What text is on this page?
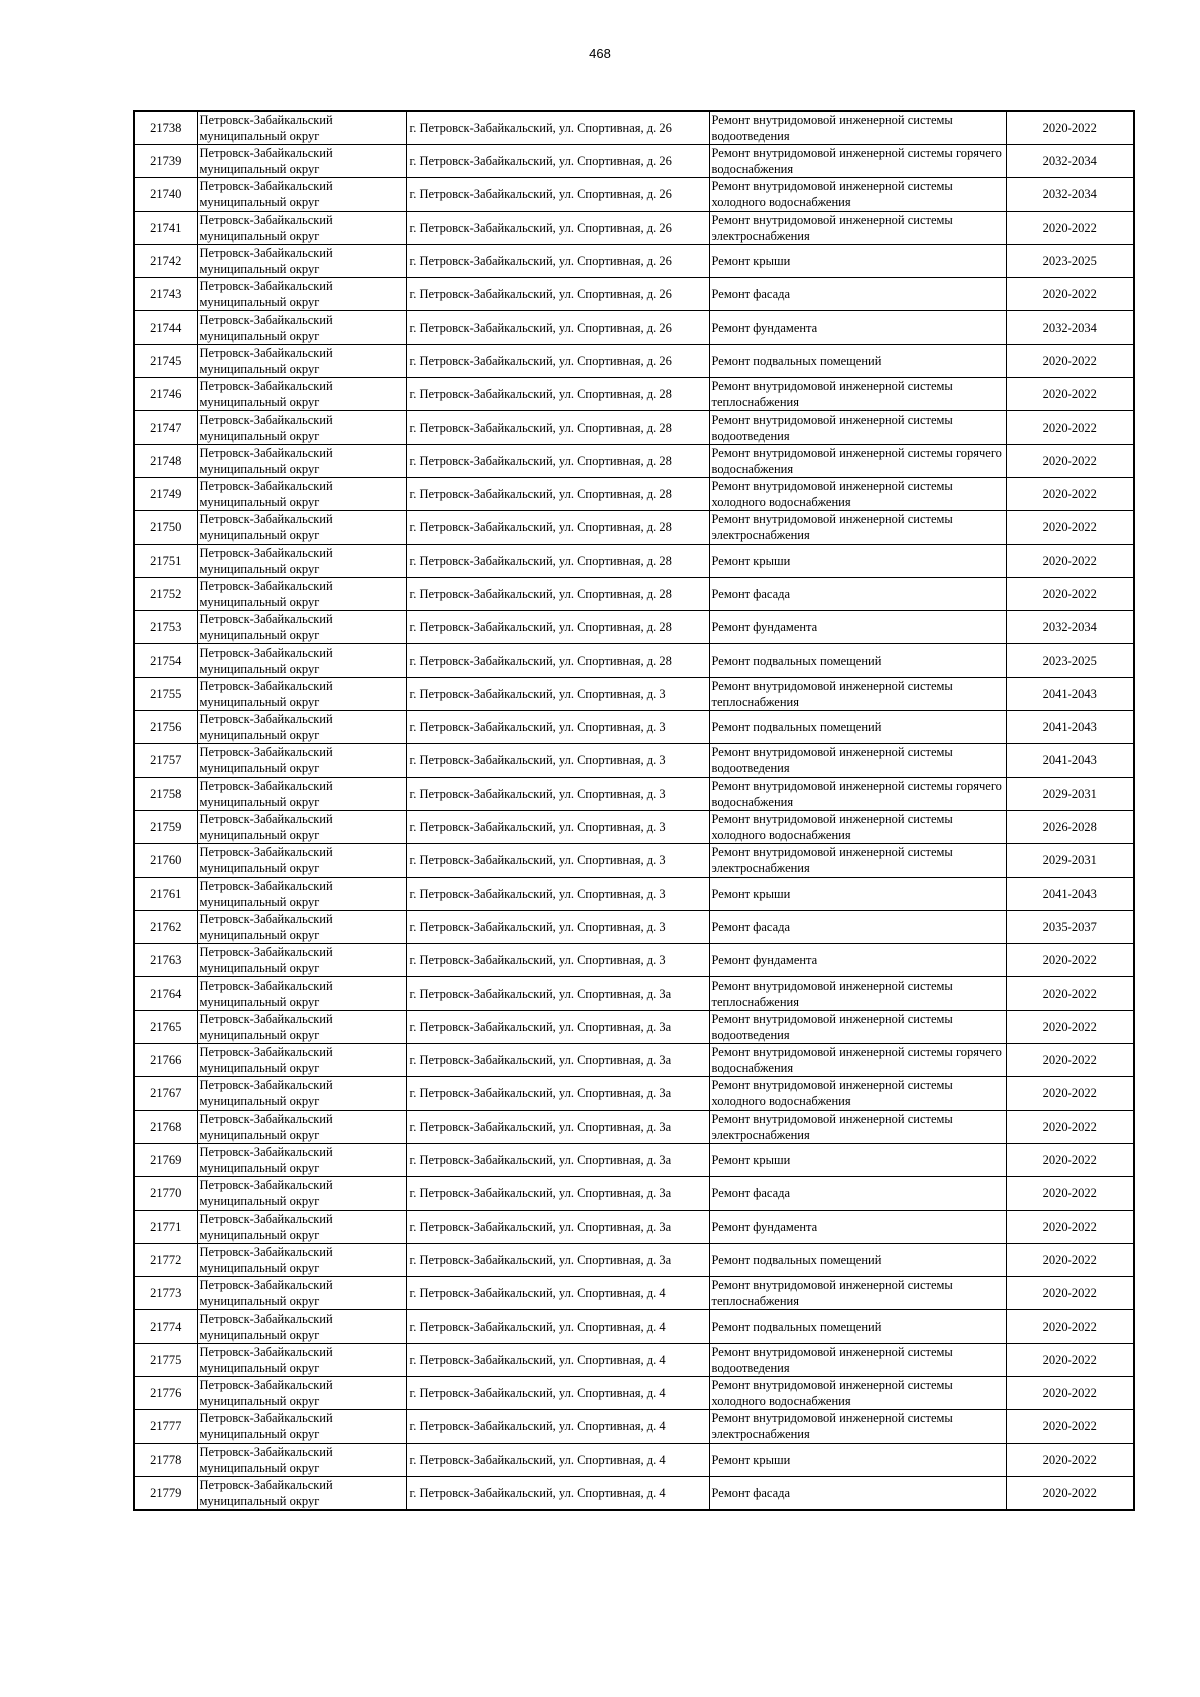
468
21738	Петровск-Забайкальский муниципальный округ	г. Петровск-Забайкальский, ул. Спортивная, д. 26	Ремонт внутридомовой инженерной системы водоотведения	2020-2022
21739	Петровск-Забайкальский муниципальный округ	г. Петровск-Забайкальский, ул. Спортивная, д. 26	Ремонт внутридомовой инженерной системы горячего водоснабжения	2032-2034
21740	Петровск-Забайкальский муниципальный округ	г. Петровск-Забайкальский, ул. Спортивная, д. 26	Ремонт внутридомовой инженерной системы холодного водоснабжения	2032-2034
21741	Петровск-Забайкальский муниципальный округ	г. Петровск-Забайкальский, ул. Спортивная, д. 26	Ремонт внутридомовой инженерной системы электроснабжения	2020-2022
21742	Петровск-Забайкальский муниципальный округ	г. Петровск-Забайкальский, ул. Спортивная, д. 26	Ремонт крыши	2023-2025
21743	Петровск-Забайкальский муниципальный округ	г. Петровск-Забайкальский, ул. Спортивная, д. 26	Ремонт фасада	2020-2022
21744	Петровск-Забайкальский муниципальный округ	г. Петровск-Забайкальский, ул. Спортивная, д. 26	Ремонт фундамента	2032-2034
21745	Петровск-Забайкальский муниципальный округ	г. Петровск-Забайкальский, ул. Спортивная, д. 26	Ремонт подвальных помещений	2020-2022
21746	Петровск-Забайкальский муниципальный округ	г. Петровск-Забайкальский, ул. Спортивная, д. 28	Ремонт внутридомовой инженерной системы теплоснабжения	2020-2022
21747	Петровск-Забайкальский муниципальный округ	г. Петровск-Забайкальский, ул. Спортивная, д. 28	Ремонт внутридомовой инженерной системы водоотведения	2020-2022
21748	Петровск-Забайкальский муниципальный округ	г. Петровск-Забайкальский, ул. Спортивная, д. 28	Ремонт внутридомовой инженерной системы горячего водоснабжения	2020-2022
21749	Петровск-Забайкальский муниципальный округ	г. Петровск-Забайкальский, ул. Спортивная, д. 28	Ремонт внутридомовой инженерной системы холодного водоснабжения	2020-2022
21750	Петровск-Забайкальский муниципальный округ	г. Петровск-Забайкальский, ул. Спортивная, д. 28	Ремонт внутридомовой инженерной системы электроснабжения	2020-2022
21751	Петровск-Забайкальский муниципальный округ	г. Петровск-Забайкальский, ул. Спортивная, д. 28	Ремонт крыши	2020-2022
21752	Петровск-Забайкальский муниципальный округ	г. Петровск-Забайкальский, ул. Спортивная, д. 28	Ремонт фасада	2020-2022
21753	Петровск-Забайкальский муниципальный округ	г. Петровск-Забайкальский, ул. Спортивная, д. 28	Ремонт фундамента	2032-2034
21754	Петровск-Забайкальский муниципальный округ	г. Петровск-Забайкальский, ул. Спортивная, д. 28	Ремонт подвальных помещений	2023-2025
21755	Петровск-Забайкальский муниципальный округ	г. Петровск-Забайкальский, ул. Спортивная, д. 3	Ремонт внутридомовой инженерной системы теплоснабжения	2041-2043
21756	Петровск-Забайкальский муниципальный округ	г. Петровск-Забайкальский, ул. Спортивная, д. 3	Ремонт подвальных помещений	2041-2043
21757	Петровск-Забайкальский муниципальный округ	г. Петровск-Забайкальский, ул. Спортивная, д. 3	Ремонт внутридомовой инженерной системы водоотведения	2041-2043
21758	Петровск-Забайкальский муниципальный округ	г. Петровск-Забайкальский, ул. Спортивная, д. 3	Ремонт внутридомовой инженерной системы горячего водоснабжения	2029-2031
21759	Петровск-Забайкальский муниципальный округ	г. Петровск-Забайкальский, ул. Спортивная, д. 3	Ремонт внутридомовой инженерной системы холодного водоснабжения	2026-2028
21760	Петровск-Забайкальский муниципальный округ	г. Петровск-Забайкальский, ул. Спортивная, д. 3	Ремонт внутридомовой инженерной системы электроснабжения	2029-2031
21761	Петровск-Забайкальский муниципальный округ	г. Петровск-Забайкальский, ул. Спортивная, д. 3	Ремонт крыши	2041-2043
21762	Петровск-Забайкальский муниципальный округ	г. Петровск-Забайкальский, ул. Спортивная, д. 3	Ремонт фасада	2035-2037
21763	Петровск-Забайкальский муниципальный округ	г. Петровск-Забайкальский, ул. Спортивная, д. 3	Ремонт фундамента	2020-2022
21764	Петровск-Забайкальский муниципальный округ	г. Петровск-Забайкальский, ул. Спортивная, д. 3а	Ремонт внутридомовой инженерной системы теплоснабжения	2020-2022
21765	Петровск-Забайкальский муниципальный округ	г. Петровск-Забайкальский, ул. Спортивная, д. 3а	Ремонт внутридомовой инженерной системы водоотведения	2020-2022
21766	Петровск-Забайкальский муниципальный округ	г. Петровск-Забайкальский, ул. Спортивная, д. 3а	Ремонт внутридомовой инженерной системы горячего водоснабжения	2020-2022
21767	Петровск-Забайкальский муниципальный округ	г. Петровск-Забайкальский, ул. Спортивная, д. 3а	Ремонт внутридомовой инженерной системы холодного водоснабжения	2020-2022
21768	Петровск-Забайкальский муниципальный округ	г. Петровск-Забайкальский, ул. Спортивная, д. 3а	Ремонт внутридомовой инженерной системы электроснабжения	2020-2022
21769	Петровск-Забайкальский муниципальный округ	г. Петровск-Забайкальский, ул. Спортивная, д. 3а	Ремонт крыши	2020-2022
21770	Петровск-Забайкальский муниципальный округ	г. Петровск-Забайкальский, ул. Спортивная, д. 3а	Ремонт фасада	2020-2022
21771	Петровск-Забайкальский муниципальный округ	г. Петровск-Забайкальский, ул. Спортивная, д. 3а	Ремонт фундамента	2020-2022
21772	Петровск-Забайкальский муниципальный округ	г. Петровск-Забайкальский, ул. Спортивная, д. 3а	Ремонт подвальных помещений	2020-2022
21773	Петровск-Забайкальский муниципальный округ	г. Петровск-Забайкальский, ул. Спортивная, д. 4	Ремонт внутридомовой инженерной системы теплоснабжения	2020-2022
21774	Петровск-Забайкальский муниципальный округ	г. Петровск-Забайкальский, ул. Спортивная, д. 4	Ремонт подвальных помещений	2020-2022
21775	Петровск-Забайкальский муниципальный округ	г. Петровск-Забайкальский, ул. Спортивная, д. 4	Ремонт внутридомовой инженерной системы водоотведения	2020-2022
21776	Петровск-Забайкальский муниципальный округ	г. Петровск-Забайкальский, ул. Спортивная, д. 4	Ремонт внутридомовой инженерной системы холодного водоснабжения	2020-2022
21777	Петровск-Забайкальский муниципальный округ	г. Петровск-Забайкальский, ул. Спортивная, д. 4	Ремонт внутридомовой инженерной системы электроснабжения	2020-2022
21778	Петровск-Забайкальский муниципальный округ	г. Петровск-Забайкальский, ул. Спортивная, д. 4	Ремонт крыши	2020-2022
21779	Петровск-Забайкальский муниципальный округ	г. Петровск-Забайкальский, ул. Спортивная, д. 4	Ремонт фасада	2020-2022
